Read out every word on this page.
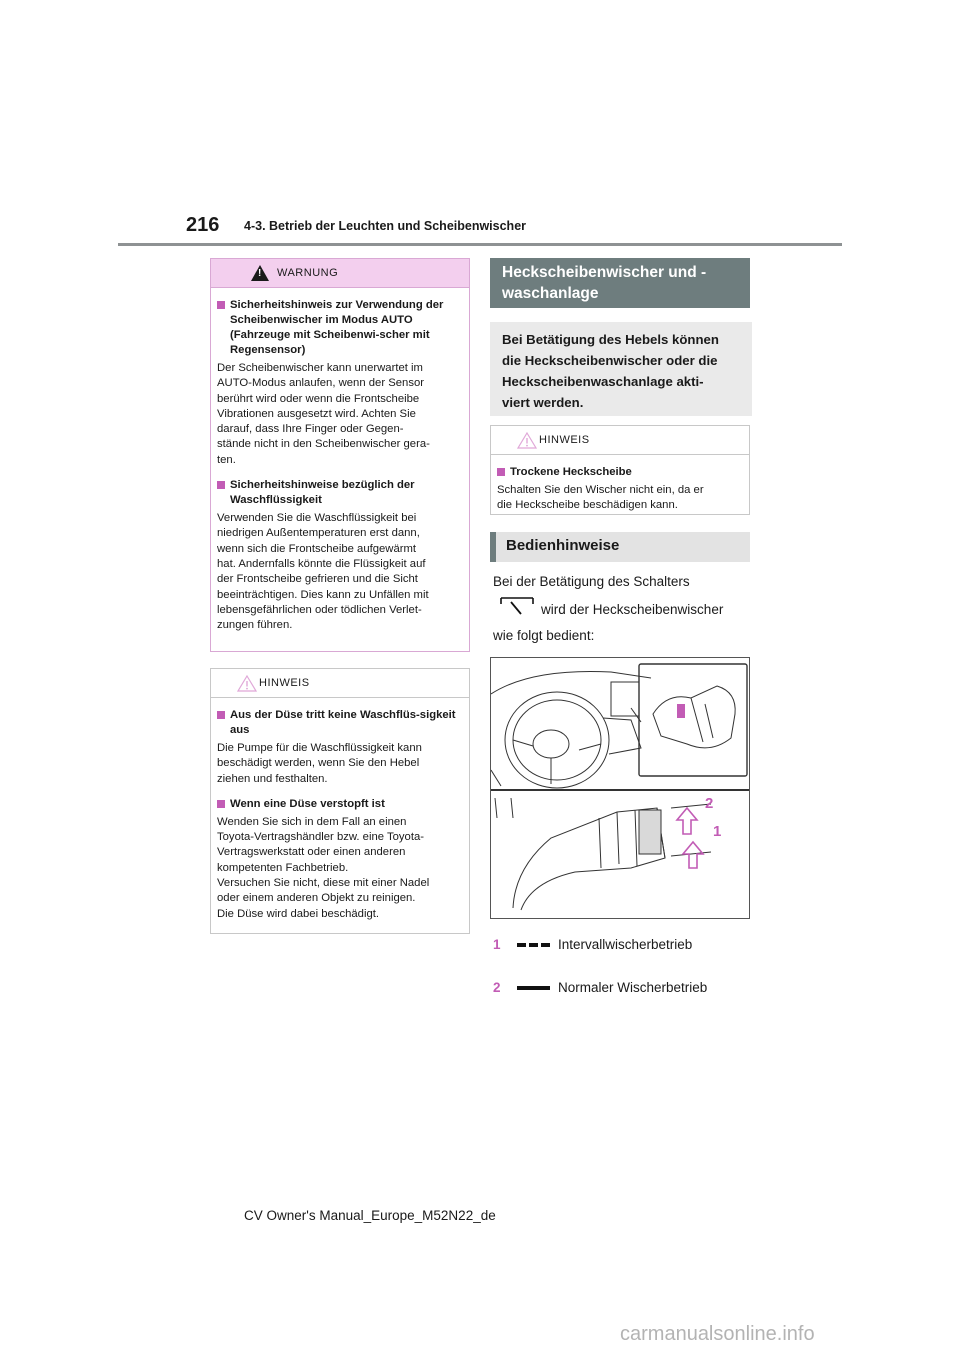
216 4-3. Betrieb der Leuchten und Scheibenwischer
!
WARNUNG
Sicherheitshinweis zur Verwendung der Scheibenwischer im Modus AUTO (Fahrzeuge mit Scheibenwi-scher mit Regensensor)
Der Scheibenwischer kann unerwartet im
AUTO-Modus anlaufen, wenn der Sensor
berührt wird oder wenn die Frontscheibe
Vibrationen ausgesetzt wird. Achten Sie
darauf, dass Ihre Finger oder Gegen-
stände nicht in den Scheibenwischer gera-
ten.
Sicherheitshinweise bezüglich der Waschflüssigkeit
Verwenden Sie die Waschflüssigkeit bei
niedrigen Außentemperaturen erst dann,
wenn sich die Frontscheibe aufgewärmt
hat. Andernfalls könnte die Flüssigkeit auf
der Frontscheibe gefrieren und die Sicht
beeinträchtigen. Dies kann zu Unfällen mit
lebensgefährlichen oder tödlichen Verlet-
zungen führen.
HINWEIS
Aus der Düse tritt keine Waschflüs-sigkeit aus
Die Pumpe für die Waschflüssigkeit kann
beschädigt werden, wenn Sie den Hebel
ziehen und festhalten.
Wenn eine Düse verstopft ist
Wenden Sie sich in dem Fall an einen
Toyota-Vertragshändler bzw. eine Toyota-
Vertragswerkstatt oder einen anderen
kompetenten Fachbetrieb.
Versuchen Sie nicht, diese mit einer Nadel
oder einem anderen Objekt zu reinigen.
Die Düse wird dabei beschädigt.
Heckscheibenwischer und -waschanlage
Bei Betätigung des Hebels können
die Heckscheibenwischer oder die
Heckscheibenwaschanlage akti-
viert werden.
HINWEIS
Trockene Heckscheibe
Schalten Sie den Wischer nicht ein, da er
die Heckscheibe beschädigen kann.
Bedienhinweise
Bei der Betätigung des Schalters
wird der Heckscheibenwischer
wie folgt bedient:
2
1
1	Intervallwischerbetrieb
2	Normaler Wischerbetrieb
CV Owner's Manual_Europe_M52N22_de
carmanualsonline.info
